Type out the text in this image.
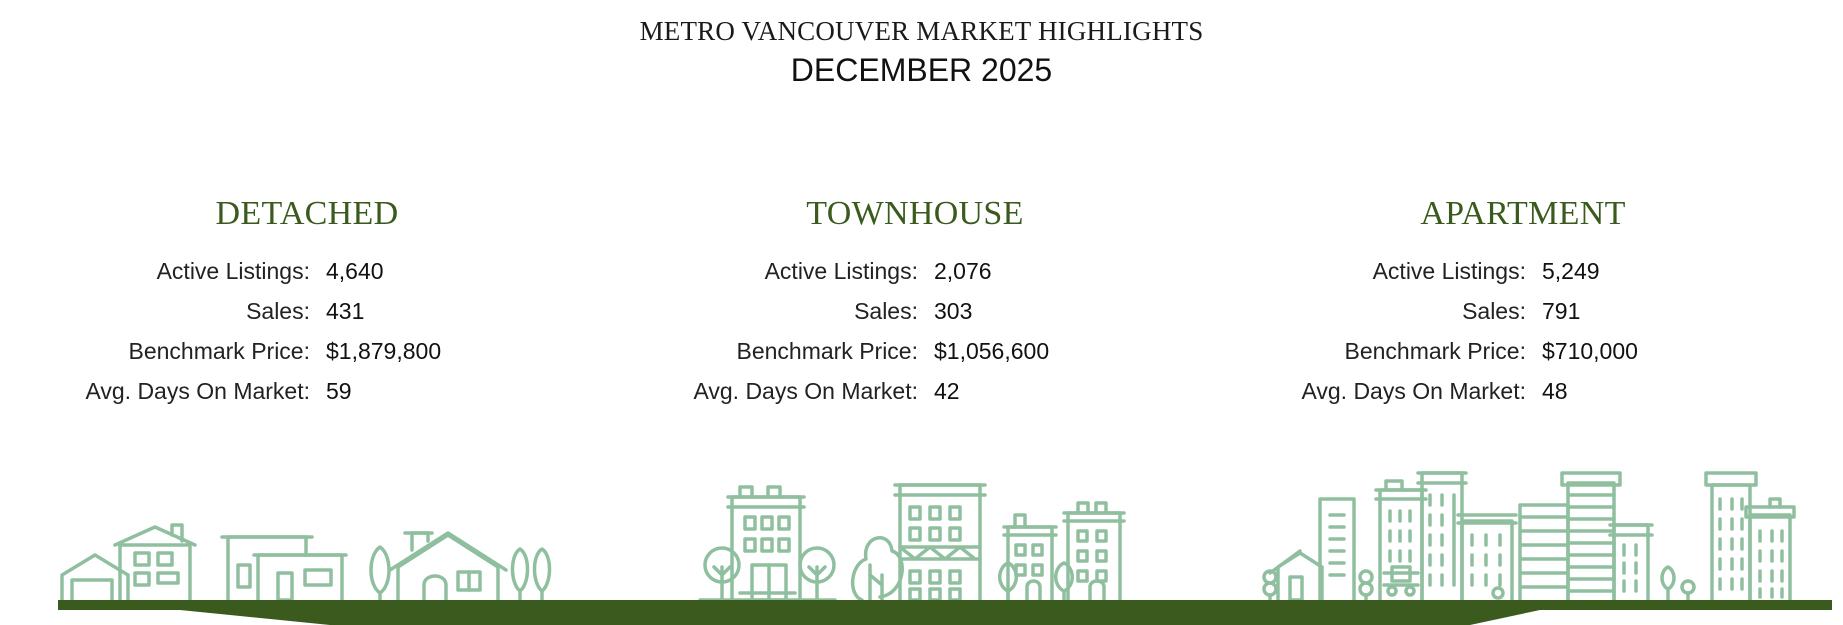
METRO VANCOUVER MARKET HIGHLIGHTS
DECEMBER 2025
DETACHED
Active Listings: 4,640
Sales: 431
Benchmark Price: $1,879,800
Avg. Days On Market: 59
TOWNHOUSE
Active Listings: 2,076
Sales: 303
Benchmark Price: $1,056,600
Avg. Days On Market: 42
APARTMENT
Active Listings: 5,249
Sales: 791
Benchmark Price: $710,000
Avg. Days On Market: 48
